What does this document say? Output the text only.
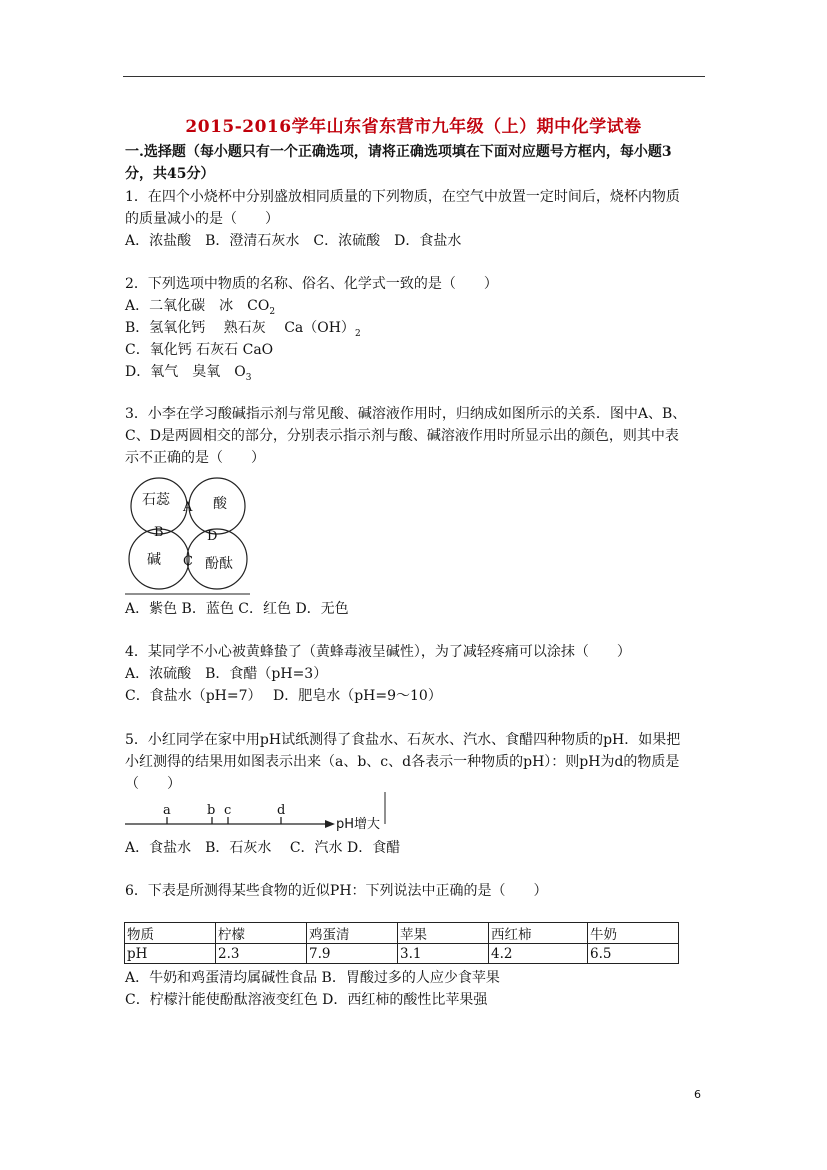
2015-2016学年山东省东营市九年级（上）期中化学试卷
一.选择题（每小题只有一个正确选项，请将正确选项填在下面对应题号方框内，每小题3
分，共45分）
1．在四个小烧杯中分别盛放相同质量的下列物质，在空气中放置一定时间后，烧杯内物质
的质量减小的是（　　）
A．浓盐酸　B．澄清石灰水　C．浓硫酸　D．食盐水
2．下列选项中物质的名称、俗名、化学式一致的是（　　）
A．二氧化碳　冰　$CO_2$
B．氢氧化钙　 熟石灰　 $Ca(OH)_2$
C．氧化钙 石灰石 CaO
D．氧气　臭氧　$O_3$
3．小李在学习酸碱指示剂与常见酸、碱溶液作用时，归纳成如图所示的关系．图中A、B、
C、D是两圆相交的部分，分别表示指示剂与酸、碱溶液作用时所显示出的颜色，则其中表
示不正确的是（　　）
石蕊	酸
碱	酚酞
A
B
C
D
A．紫色 B．蓝色 C．红色 D．无色
4．某同学不小心被黄蜂蛰了（黄蜂毒液呈碱性），为了减轻疼痛可以涂抹（　　）
A．浓硫酸　B．食醋（pH=3）
C．食盐水（pH=7）　 D．肥皂水（pH=9～10）
5．小红同学在家中用pH试纸测得了食盐水、石灰水、汽水、食醋四种物质的pH．如果把
小红测得的结果用如图表示出来（a、b、c、d各表示一种物质的pH）：则pH为d的物质是
（　　）
a	b c	d
pH增大
A．食盐水　B．石灰水　 C．汽水 D．食醋
6．下表是所测得某些食物的近似PH：下列说法中正确的是（　　）
物质	柠檬	鸡蛋清	苹果	西红柿	牛奶
pH	2.3	7.9	3.1	4.2	6.5
A．牛奶和鸡蛋清均属碱性食品 B．胃酸过多的人应少食苹果
C．柠檬汁能使酚酞溶液变红色 D．西红柿的酸性比苹果强
6
